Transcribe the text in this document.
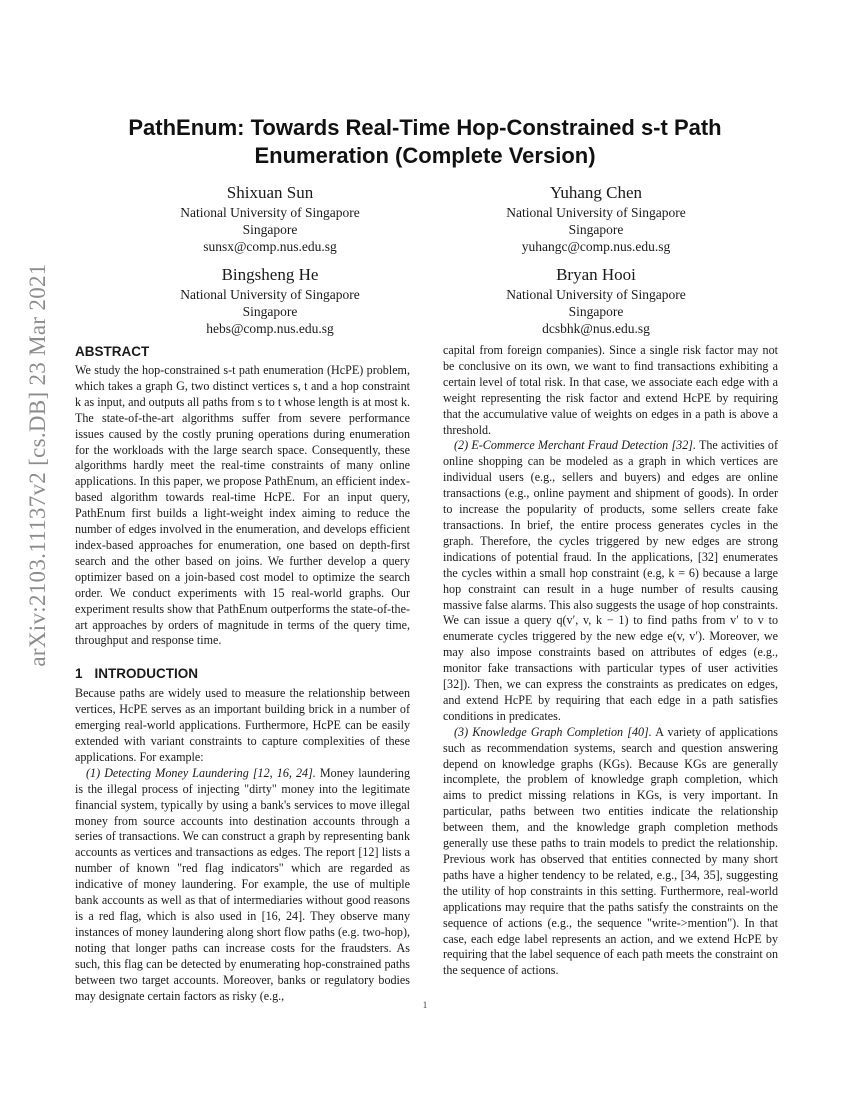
arXiv:2103.11137v2 [cs.DB] 23 Mar 2021
PathEnum: Towards Real-Time Hop-Constrained s-t Path Enumeration (Complete Version)
Shixuan Sun
National University of Singapore
Singapore
sunsx@comp.nus.edu.sg
Yuhang Chen
National University of Singapore
Singapore
yuhangc@comp.nus.edu.sg
Bingsheng He
National University of Singapore
Singapore
hebs@comp.nus.edu.sg
Bryan Hooi
National University of Singapore
Singapore
dcsbhk@nus.edu.sg
ABSTRACT

We study the hop-constrained s-t path enumeration (HcPE) problem, which takes a graph G, two distinct vertices s, t and a hop constraint k as input, and outputs all paths from s to t whose length is at most k. The state-of-the-art algorithms suffer from severe performance issues caused by the costly pruning operations during enumeration for the workloads with the large search space. Consequently, these algorithms hardly meet the real-time constraints of many online applications. In this paper, we propose PathEnum, an efficient index-based algorithm towards real-time HcPE. For an input query, PathEnum first builds a light-weight index aiming to reduce the number of edges involved in the enumeration, and develops efficient index-based approaches for enumeration, one based on depth-first search and the other based on joins. We further develop a query optimizer based on a join-based cost model to optimize the search order. We conduct experiments with 15 real-world graphs. Our experiment results show that PathEnum outperforms the state-of-the-art approaches by orders of magnitude in terms of the query time, throughput and response time.

1 INTRODUCTION

Because paths are widely used to measure the relationship between vertices, HcPE serves as an important building brick in a number of emerging real-world applications. Furthermore, HcPE can be easily extended with variant constraints to capture complexities of these applications. For example:

(1) Detecting Money Laundering [12, 16, 24]. Money laundering is the illegal process of injecting "dirty" money into the legitimate financial system, typically by using a bank's services to move illegal money from source accounts into destination accounts through a series of transactions. We can construct a graph by representing bank accounts as vertices and transactions as edges. The report [12] lists a number of known "red flag indicators" which are regarded as indicative of money laundering. For example, the use of multiple bank accounts as well as that of intermediaries without good reasons is a red flag, which is also used in [16, 24]. They observe many instances of money laundering along short flow paths (e.g. two-hop), noting that longer paths can increase costs for the fraudsters. As such, this flag can be detected by enumerating hop-constrained paths between two target accounts. Moreover, banks or regulatory bodies may designate certain factors as risky (e.g.,

capital from foreign companies). Since a single risk factor may not be conclusive on its own, we want to find transactions exhibiting a certain level of total risk. In that case, we associate each edge with a weight representing the risk factor and extend HcPE by requiring that the accumulative value of weights on edges in a path is above a threshold.

(2) E-Commerce Merchant Fraud Detection [32]. The activities of online shopping can be modeled as a graph in which vertices are individual users (e.g., sellers and buyers) and edges are online transactions (e.g., online payment and shipment of goods). In order to increase the popularity of products, some sellers create fake transactions. In brief, the entire process generates cycles in the graph. Therefore, the cycles triggered by new edges are strong indications of potential fraud. In the applications, [32] enumerates the cycles within a small hop constraint (e.g, k = 6) because a large hop constraint can result in a huge number of results causing massive false alarms. This also suggests the usage of hop constraints. We can issue a query q(v′, v, k − 1) to find paths from v′ to v to enumerate cycles triggered by the new edge e(v, v′). Moreover, we may also impose constraints based on attributes of edges (e.g., monitor fake transactions with particular types of user activities [32]). Then, we can express the constraints as predicates on edges, and extend HcPE by requiring that each edge in a path satisfies conditions in predicates.

(3) Knowledge Graph Completion [40]. A variety of applications such as recommendation systems, search and question answering depend on knowledge graphs (KGs). Because KGs are generally incomplete, the problem of knowledge graph completion, which aims to predict missing relations in KGs, is very important. In particular, paths between two entities indicate the relationship between them, and the knowledge graph completion methods generally use these paths to train models to predict the relationship. Previous work has observed that entities connected by many short paths have a higher tendency to be related, e.g., [34, 35], suggesting the utility of hop constraints in this setting. Furthermore, real-world applications may require that the paths satisfy the constraints on the sequence of actions (e.g., the sequence "write->mention"). In that case, each edge label represents an action, and we extend HcPE by requiring that the label sequence of each path meets the constraint on the sequence of actions.

1
